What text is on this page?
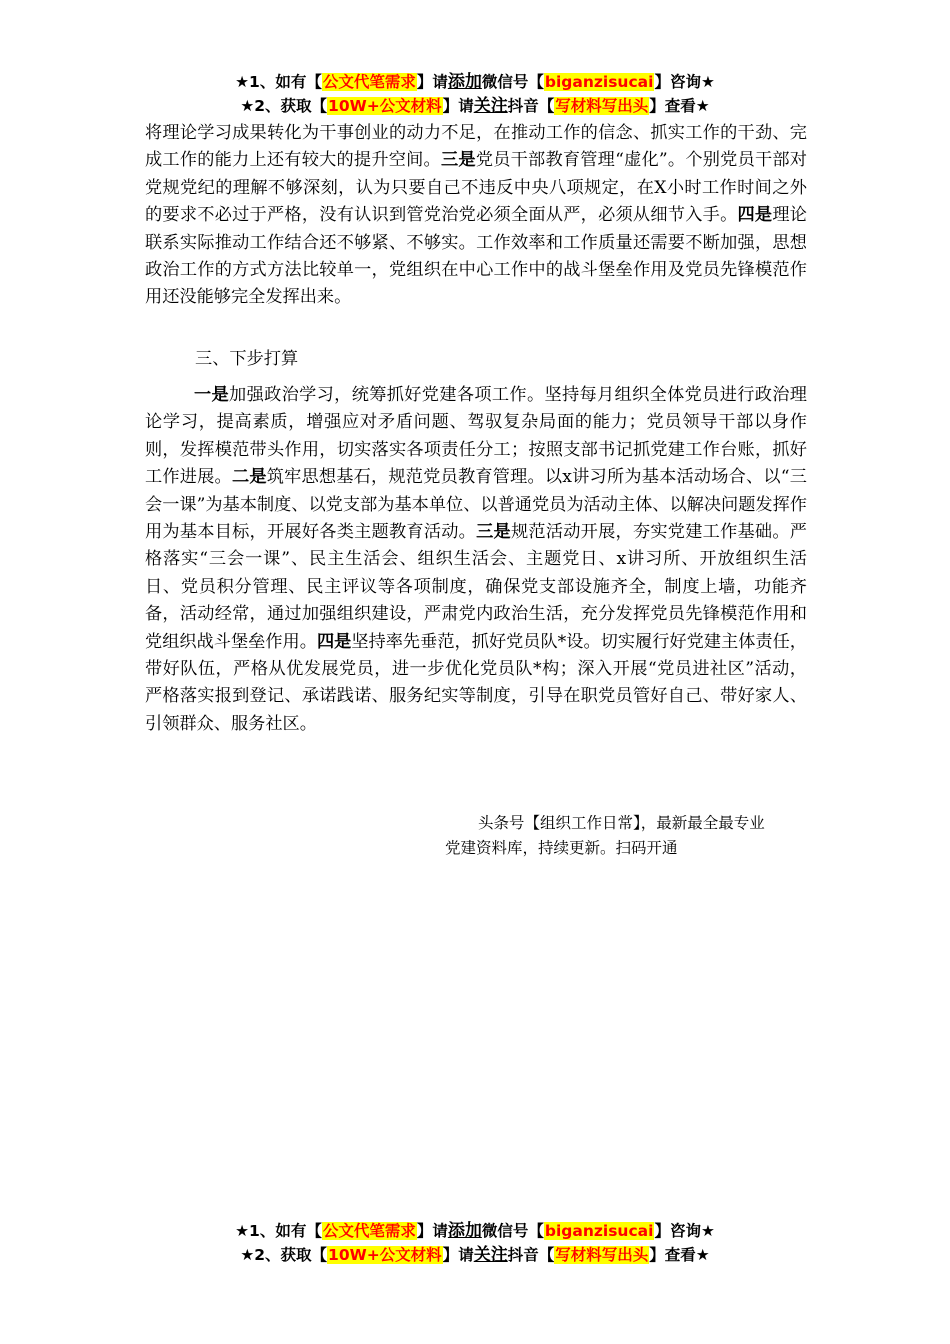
★1、如有【公文代笔需求】请添加微信号【biganzisucai】咨询★
★2、获取【10W+公文材料】请关注抖音【写材料写出头】查看★
将理论学习成果转化为干事创业的动力不足，在推动工作的信念、抓实工作的干劲、完成工作的能力上还有较大的提升空间。三是党员干部教育管理“虚化”。个别党员干部对党规党纪的理解不够深刻，认为只要自己不违反中央八项规定，在X小时工作时间之外的要求不必过于严格，没有认识到管党治党必须全面从严，必须从细节入手。四是理论联系实际推动工作结合还不够紧、不够实。工作效率和工作质量还需要不断加强，思想政治工作的方式方法比较单一，党组织在中心工作中的战斗堡垒作用及党员先锋模范作用还没能够完全发挥出来。
三、下步打算
一是加强政治学习，统筹抓好党建各项工作。坚持每月组织全体党员进行政治理论学习，提高素质，增强应对矛盾问题、驾驭复杂局面的能力；党员领导干部以身作则，发挥模范带头作用，切实落实各项责任分工；按照支部书记抓党建工作台账，抓好工作进展。二是筑牢思想基石，规范党员教育管理。以x讲习所为基本活动场合、以“三会一课”为基本制度、以党支部为基本单位、以普通党员为活动主体、以解决问题发挥作用为基本目标，开展好各类主题教育活动。三是规范活动开展，夯实党建工作基础。严格落实“三会一课”、民主生活会、组织生活会、主题党日、x讲习所、开放组织生活日、党员积分管理、民主评议等各项制度，确保党支部设施齐全，制度上墙，功能齐备，活动经常，通过加强组织建设，严肃党内政治生活，充分发挥党员先锋模范作用和党组织战斗堡垒作用。四是坚持率先垂范，抓好党员队*设。切实履行好党建主体责任，带好队伍，严格从优发展党员，进一步优化党员队*构；深入开展“党员进社区”活动，严格落实报到登记、承诺践诺、服务纪实等制度，引导在职党员管好自己、带好家人、引领群众、服务社区。
头条号【组织工作日常】，最新最全最专业
党建资料库，持续更新。扫码开通
★1、如有【公文代笔需求】请添加微信号【biganzisucai】咨询★
★2、获取【10W+公文材料】请关注抖音【写材料写出头】查看★
